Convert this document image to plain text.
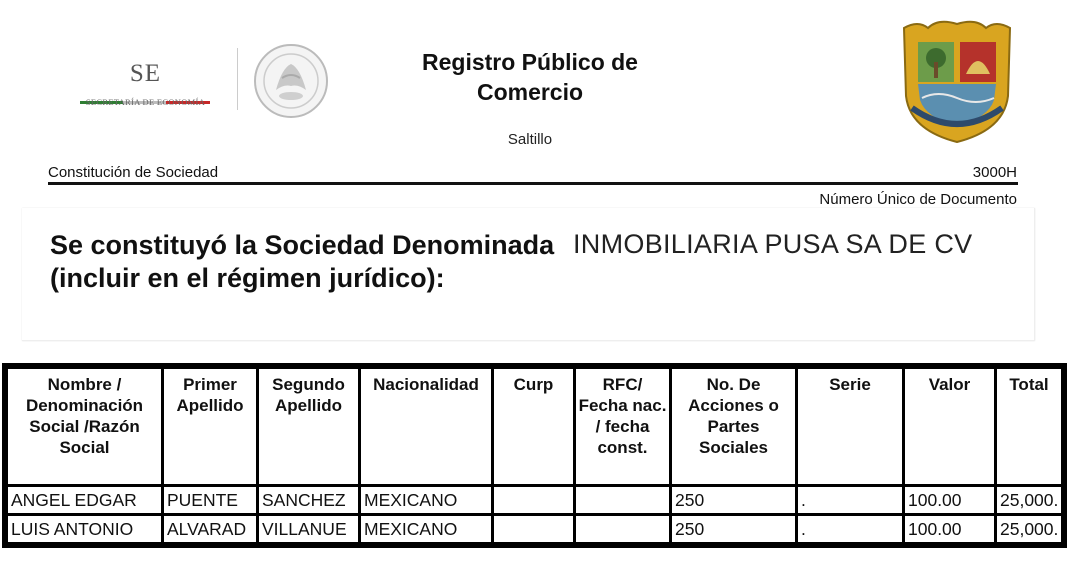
SE
SECRETARÍA DE ECONOMÍA
Registro Público de
Comercio
Saltillo
Constitución de Sociedad	3000H
Número Único de Documento
Se constituyó la Sociedad Denominada (incluir en el régimen jurídico):
INMOBILIARIA PUSA SA DE CV
Nombre / Denominación Social /Razón Social	Primer Apellido	Segundo Apellido	Nacionalidad	Curp	RFC/ Fecha nac. / fecha const.	No. De Acciones o Partes Sociales	Serie	Valor	Total

ANGEL EDGAR	PUENTE	SANCHEZ	MEXICANO			250	.	100.00	25,000.

LUIS ANTONIO	ALVARAD	VILLANUE	MEXICANO			250	.	100.00	25,000.
